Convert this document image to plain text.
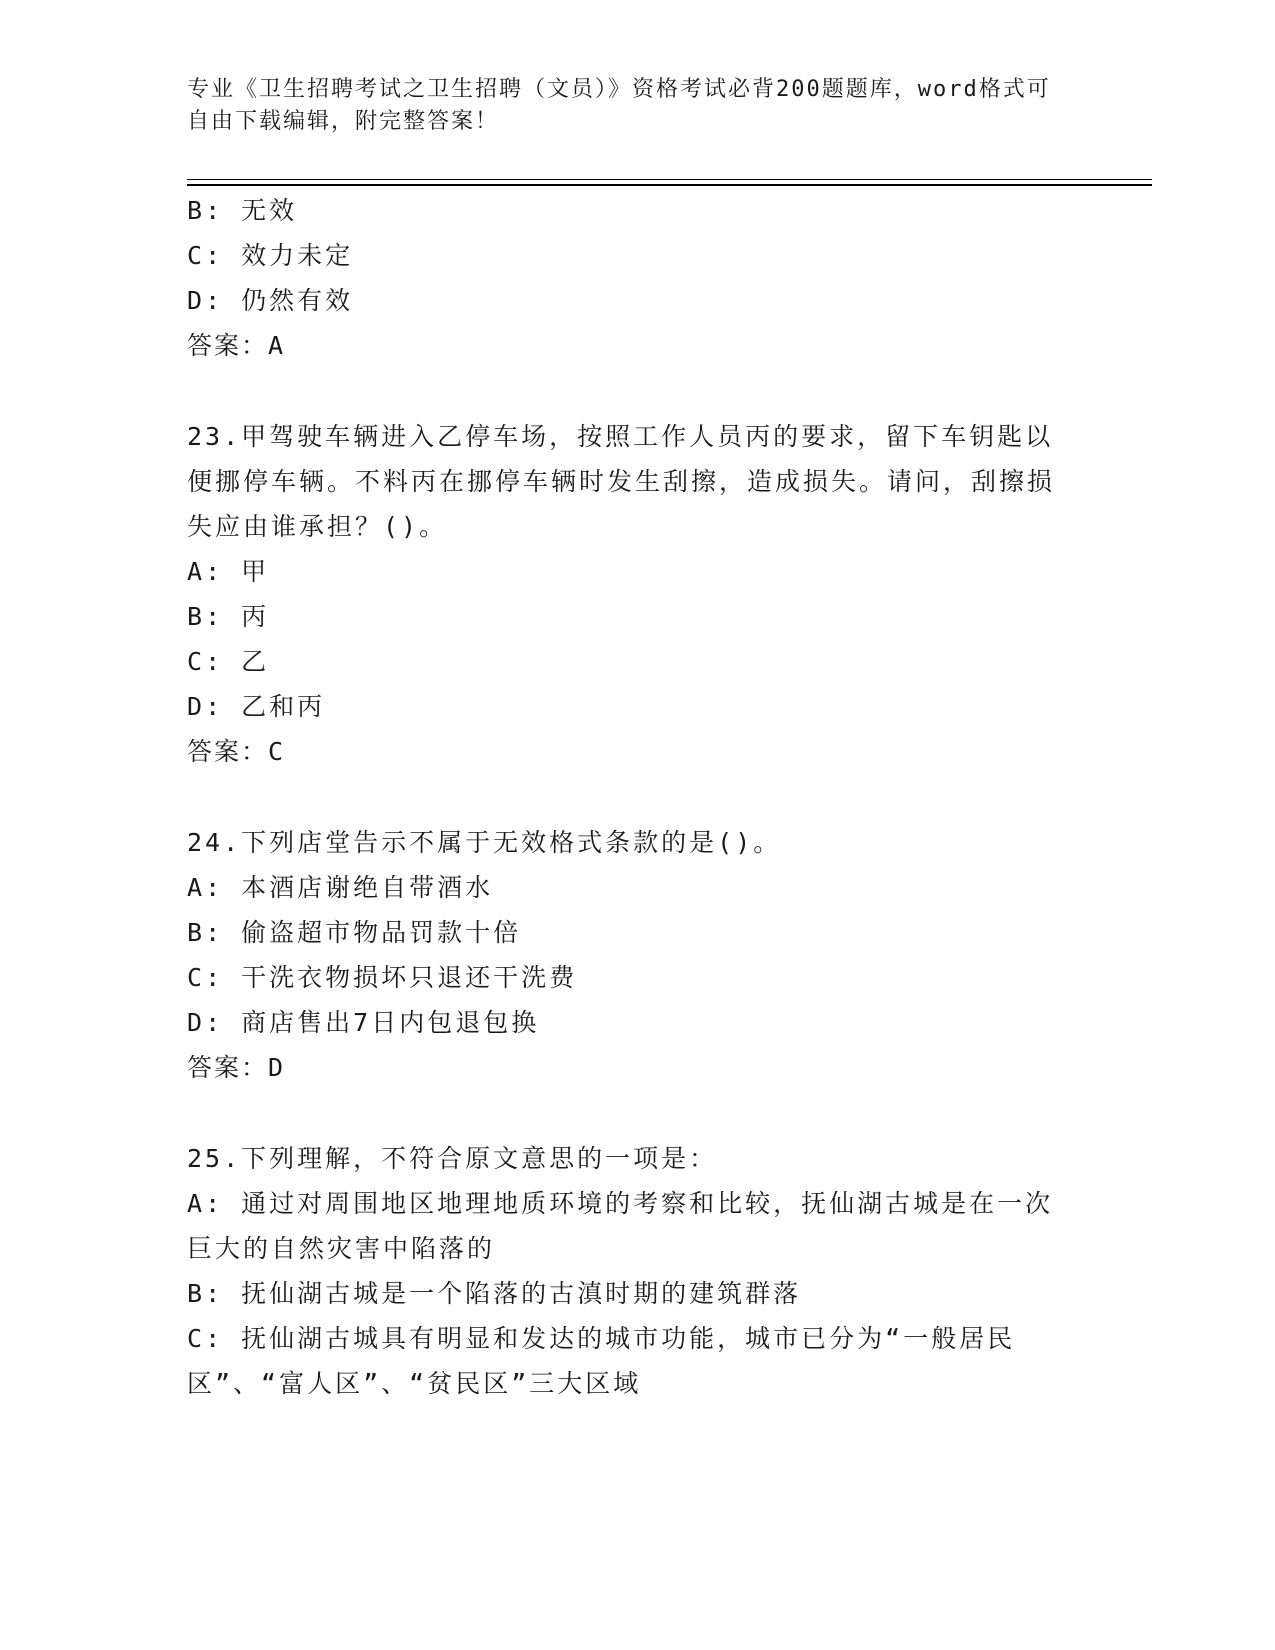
专业《卫生招聘考试之卫生招聘（文员）》资格考试必背200题题库，word格式可自由下载编辑，附完整答案！
B: 无效
C: 效力未定
D: 仍然有效
答案：A
23.甲驾驶车辆进入乙停车场，按照工作人员丙的要求，留下车钥匙以便挪停车辆。不料丙在挪停车辆时发生刮擦，造成损失。请问，刮擦损失应由谁承担？()。
A: 甲
B: 丙
C: 乙
D: 乙和丙
答案：C
24.下列店堂告示不属于无效格式条款的是()。
A: 本酒店谢绝自带酒水
B: 偷盗超市物品罚款十倍
C: 干洗衣物损坏只退还干洗费
D: 商店售出7日内包退包换
答案：D
25.下列理解，不符合原文意思的一项是：
A: 通过对周围地区地理地质环境的考察和比较，抚仙湖古城是在一次巨大的自然灾害中陷落的
B: 抚仙湖古城是一个陷落的古滇时期的建筑群落
C: 抚仙湖古城具有明显和发达的城市功能，城市已分为“一般居民区”、“富人区”、“贫民区”三大区域
